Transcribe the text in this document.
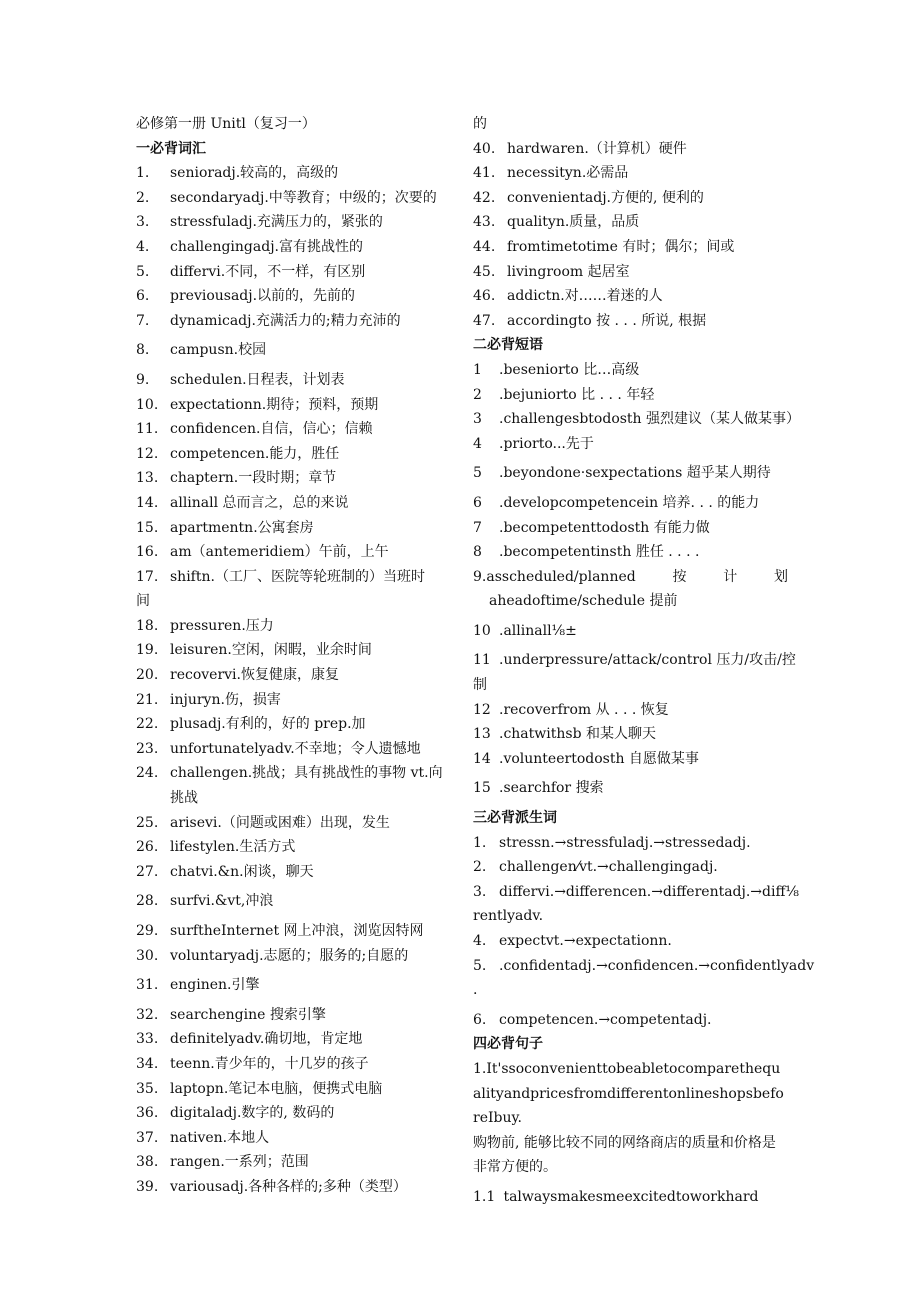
必修第一册 Unitl（复习一）
一必背词汇
1. senioradj.较高的，高级的
2. secondaryadj.中等教育；中级的；次要的
3. stressfuladj.充满压力的，紧张的
4. challengingadj.富有挑战性的
5. differvi.不同，不一样，有区别
6. previousadj.以前的，先前的
7. dynamicadj.充满活力的;精力充沛的
8. campusn.校园
9. schedulen.日程表，计划表
10. expectationn.期待；预料，预期
11. confidencen.自信，信心；信赖
12. competencen.能力，胜任
13. chaptern.一段时期；章节
14. allinall 总而言之，总的来说
15. apartmentn.公寓套房
16. am（antemeridiem）午前，上午
17. shiftn.（工厂、医院等轮班制的）当班时
间
18. pressuren.压力
19. leisuren.空闲，闲暇，业余时间
20. recovervi.恢复健康，康复
21. injuryn.伤，损害
22. plusadj.有利的，好的 prep.加
23. unfortunatelyadv.不幸地；令人遗憾地
24. challengen.挑战；具有挑战性的事物 vt.向
挑战
25. arisevi.（问题或困难）出现，发生
26. lifestylen.生活方式
27. chatvi.&n.闲谈，聊天
28. surfvi.&vt,冲浪
29. surftheInternet 网上冲浪，浏览因特网
30. voluntaryadj.志愿的；服务的;自愿的
31. enginen.引擎
32. searchengine 搜索引擎
33. definitelyadv.确切地，肯定地
34. teenn.青少年的，十几岁的孩子
35. laptopn.笔记本电脑，便携式电脑
36. digitaladj.数字的, 数码的
37. nativen.本地人
38. rangen.一系列；范围
39. variousadj.各种各样的;多种（类型）
的
40. hardwaren.（计算机）硬件
41. necessityn.必需品
42. convenientadj.方便的, 便利的
43. qualityn.质量，品质
44. fromtimetotime 有时；偶尔；间或
45. livingroom 起居室
46. addictn.对……着迷的人
47. accordingto 按 . . . 所说, 根据
二必背短语
1 .beseniorto 比…高级
2 .bejuniorto 比 . . . 年轻
3 .challengesbtodosth 强烈建议（某人做某事）
4 .priorto...先于
5 .beyondone·sexpectations 超乎某人期待
6 .developcompetencein 培养. . . 的能力
7 .becompetenttodosth 有能力做
8 .becompetentinsth 胜任 . . . .
9.asscheduled/planned	按	计	划
aheadoftime/schedule 提前
10 .allinall⅛±
11 .underpressure/attack/control 压力/攻击/控
制
12 .recoverfrom 从 . . . 恢复
13 .chatwithsb 和某人聊天
14 .volunteertodosth 自愿做某事
15 .searchfor 搜索
三必背派生词
1. stressn.→stressfuladj.→stressedadj.
2. challengen⁄vt.→challengingadj.
3. differvi.→differencen.→differentadj.→diff⅛
rentlyadv.
4. expectvt.→expectationn.
5. .confidentadj.→confidencen.→confidentlyadv
.
6. competencen.→competentadj.
四必背句子
1.It'ssoconvenienttobeabletocomparethequalityandpricesfromdifferentonlineshopsbeforeIbuy.
购物前, 能够比较不同的网络商店的质量和价格是非常方便的。
1.1 talwaysmakesmeexcitedtoworkhard
